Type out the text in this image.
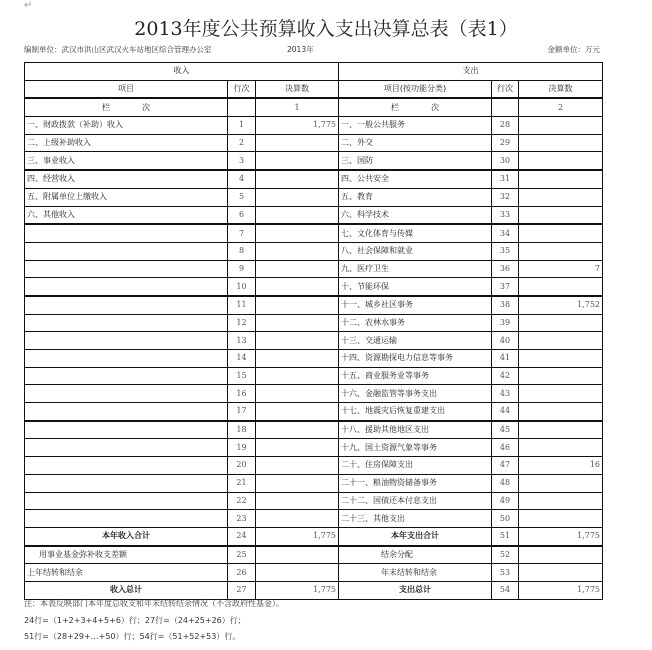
↵
2013年度公共预算收入支出决算总表（表1）
编制单位：武汉市洪山区武汉火车站地区综合管理办公室	2013年	金额单位：万元
收入			支出		
项目	行次	决算数	项目(按功能分类)	行次	决算数
栏　　　　次		1	栏　　　　次		2
一、财政拨款（补助）收入	1	1,775	一、一般公共服务	28	
二、上级补助收入	2		二、外交	29	
三、事业收入	3		三、国防	30	
四、经营收入	4		四、公共安全	31	
五、附属单位上缴收入	5		五、教育	32	
六、其他收入	6		六、科学技术	33	
	7		七、文化体育与传媒	34	
	8		八、社会保障和就业	35	
	9		九、医疗卫生	36	7
	10		十、节能环保	37	
	11		十一、城乡社区事务	38	1,752
	12		十二、农林水事务	39	
	13		十三、交通运输	40	
	14		十四、资源勘探电力信息等事务	41	
	15		十五、商业服务业等事务	42	
	16		十六、金融监管等事务支出	43	
	17		十七、地震灾后恢复重建支出	44	
	18		十八、援助其他地区支出	45	
	19		十九、国土资源气象等事务	46	
	20		二十、住房保障支出	47	16
	21		二十一、粮油物资储备事务	48	
	22		二十二、国债还本付息支出	49	
	23		二十三、其他支出	50	
本年收入合计	24	1,775	本年支出合计	51	1,775
用事业基金弥补收支差额	25		结余分配	52	
上年结转和结余	26		年末结转和结余	53	
收入总计	27	1,775	支出总计	54	1,775
注：本表反映部门本年度总收支和年末结转结余情况（不含政府性基金）。
24行=（1+2+3+4+5+6）行；27行=（24+25+26）行；
51行=（28+29+…+50）行；54行=（51+52+53）行。
